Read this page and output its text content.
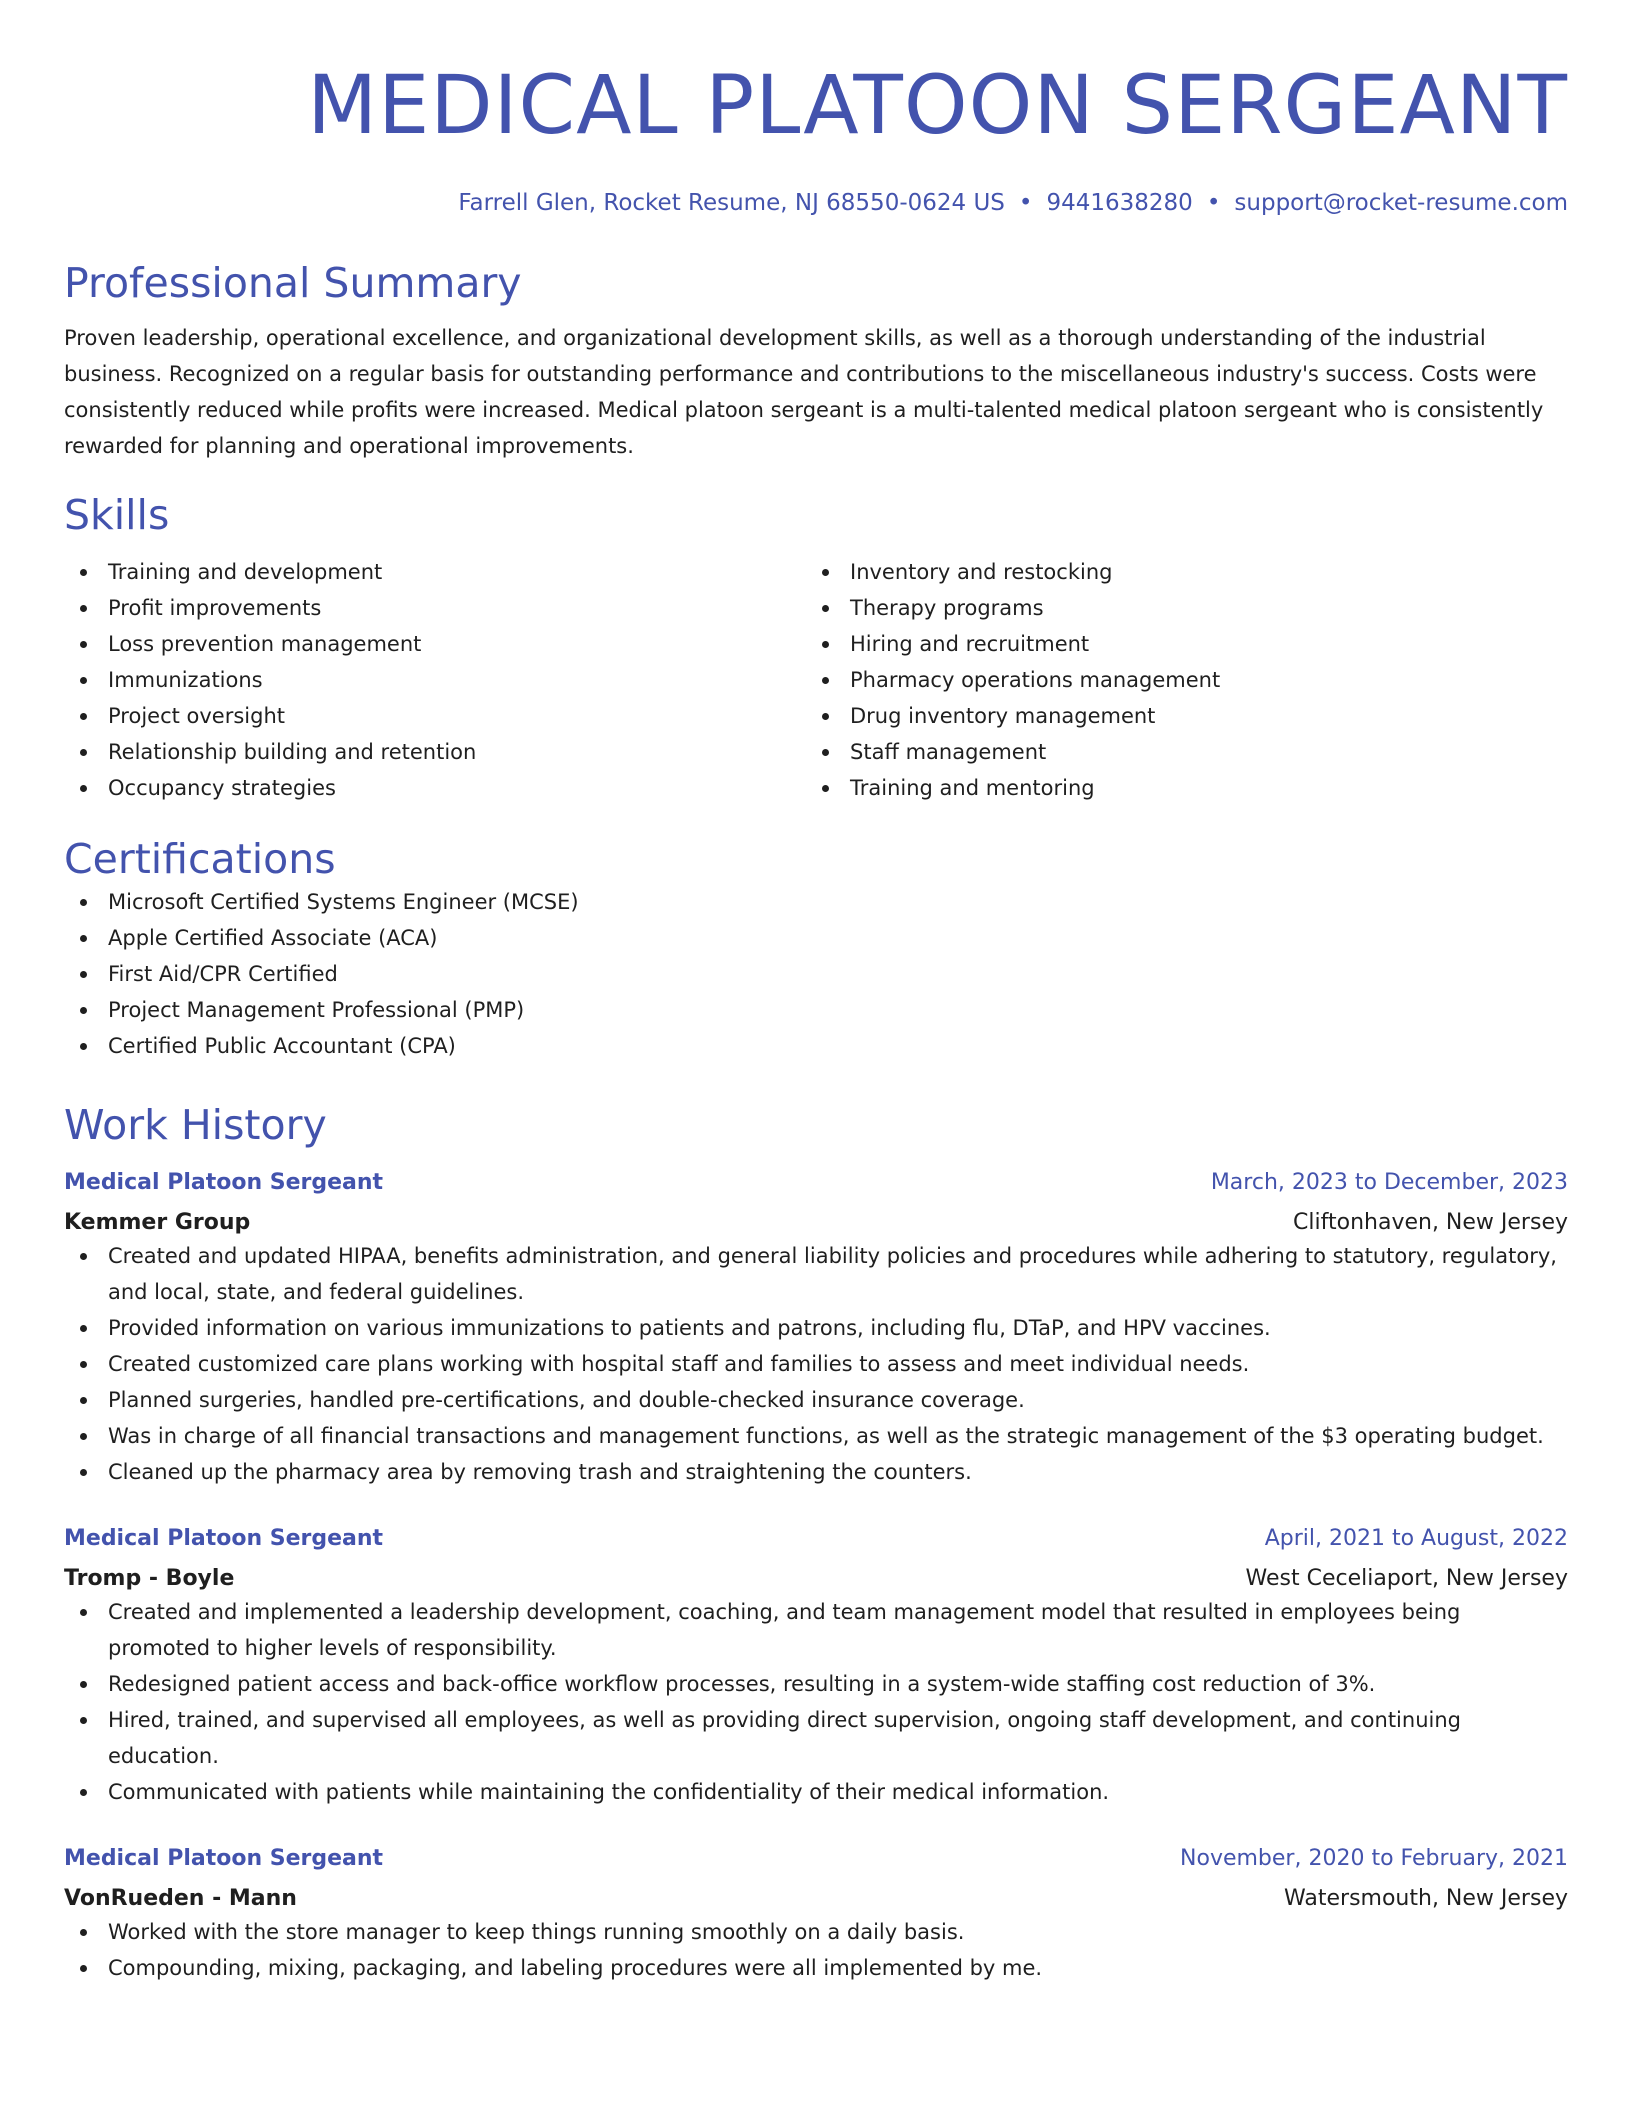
MEDICAL PLATOON SERGEANT
Farrell Glen, Rocket Resume, NJ 68550-0624 US • 9441638280 • support@rocket-resume.com
Professional Summary
Proven leadership, operational excellence, and organizational development skills, as well as a thorough understanding of the industrial business. Recognized on a regular basis for outstanding performance and contributions to the miscellaneous industry's success. Costs were consistently reduced while profits were increased. Medical platoon sergeant is a multi-talented medical platoon sergeant who is consistently rewarded for planning and operational improvements.
Skills
Training and development
Profit improvements
Loss prevention management
Immunizations
Project oversight
Relationship building and retention
Occupancy strategies
Inventory and restocking
Therapy programs
Hiring and recruitment
Pharmacy operations management
Drug inventory management
Staff management
Training and mentoring
Certifications
Microsoft Certified Systems Engineer (MCSE)
Apple Certified Associate (ACA)
First Aid/CPR Certified
Project Management Professional (PMP)
Certified Public Accountant (CPA)
Work History
Medical Platoon Sergeant	March, 2023 to December, 2023
Kemmer Group	Cliftonhaven, New Jersey
Created and updated HIPAA, benefits administration, and general liability policies and procedures while adhering to statutory, regulatory, and local, state, and federal guidelines.
Provided information on various immunizations to patients and patrons, including flu, DTaP, and HPV vaccines.
Created customized care plans working with hospital staff and families to assess and meet individual needs.
Planned surgeries, handled pre-certifications, and double-checked insurance coverage.
Was in charge of all financial transactions and management functions, as well as the strategic management of the $3 operating budget.
Cleaned up the pharmacy area by removing trash and straightening the counters.
Medical Platoon Sergeant	April, 2021 to August, 2022
Tromp - Boyle	West Ceceliaport, New Jersey
Created and implemented a leadership development, coaching, and team management model that resulted in employees being promoted to higher levels of responsibility.
Redesigned patient access and back-office workflow processes, resulting in a system-wide staffing cost reduction of 3%.
Hired, trained, and supervised all employees, as well as providing direct supervision, ongoing staff development, and continuing education.
Communicated with patients while maintaining the confidentiality of their medical information.
Medical Platoon Sergeant	November, 2020 to February, 2021
VonRueden - Mann	Watersmouth, New Jersey
Worked with the store manager to keep things running smoothly on a daily basis.
Compounding, mixing, packaging, and labeling procedures were all implemented by me.
